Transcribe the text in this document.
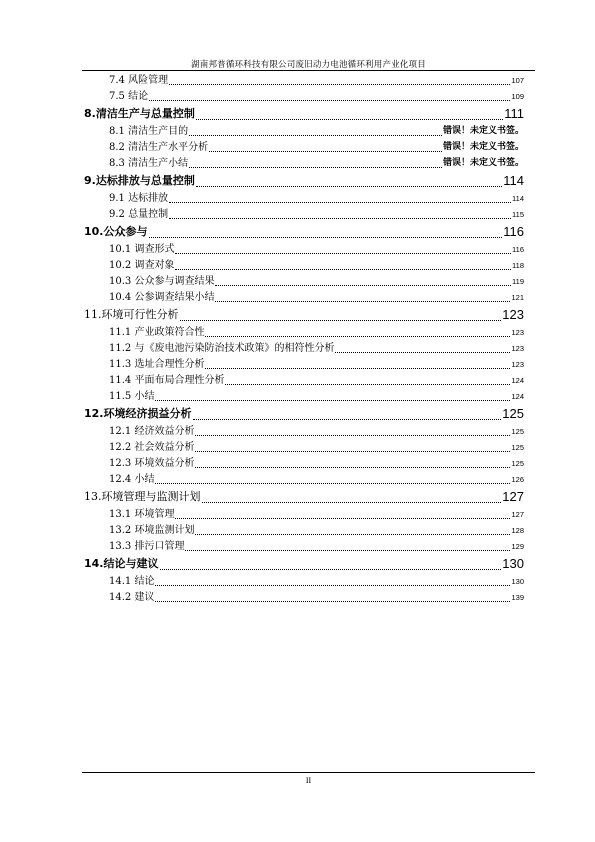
湖南邦普循环科技有限公司废旧动力电池循环利用产业化项目
7.4 风险管理	107
7.5 结论	109
8.清洁生产与总量控制	111
8.1 清洁生产目的	错误！未定义书签。
8.2 清洁生产水平分析	错误！未定义书签。
8.3 清洁生产小结	错误！未定义书签。
9.达标排放与总量控制	114
9.1 达标排放	114
9.2 总量控制	115
10.公众参与	116
10.1 调查形式	116
10.2 调查对象	118
10.3 公众参与调查结果	119
10.4 公参调查结果小结	121
11.环境可行性分析	123
11.1 产业政策符合性	123
11.2 与《废电池污染防治技术政策》的相符性分析	123
11.3 选址合理性分析	123
11.4 平面布局合理性分析	124
11.5 小结	124
12.环境经济损益分析	125
12.1 经济效益分析	125
12.2 社会效益分析	125
12.3 环境效益分析	125
12.4 小结	126
13.环境管理与监测计划	127
13.1 环境管理	127
13.2 环境监测计划	128
13.3 排污口管理	129
14.结论与建议	130
14.1 结论	130
14.2 建议	139
II
